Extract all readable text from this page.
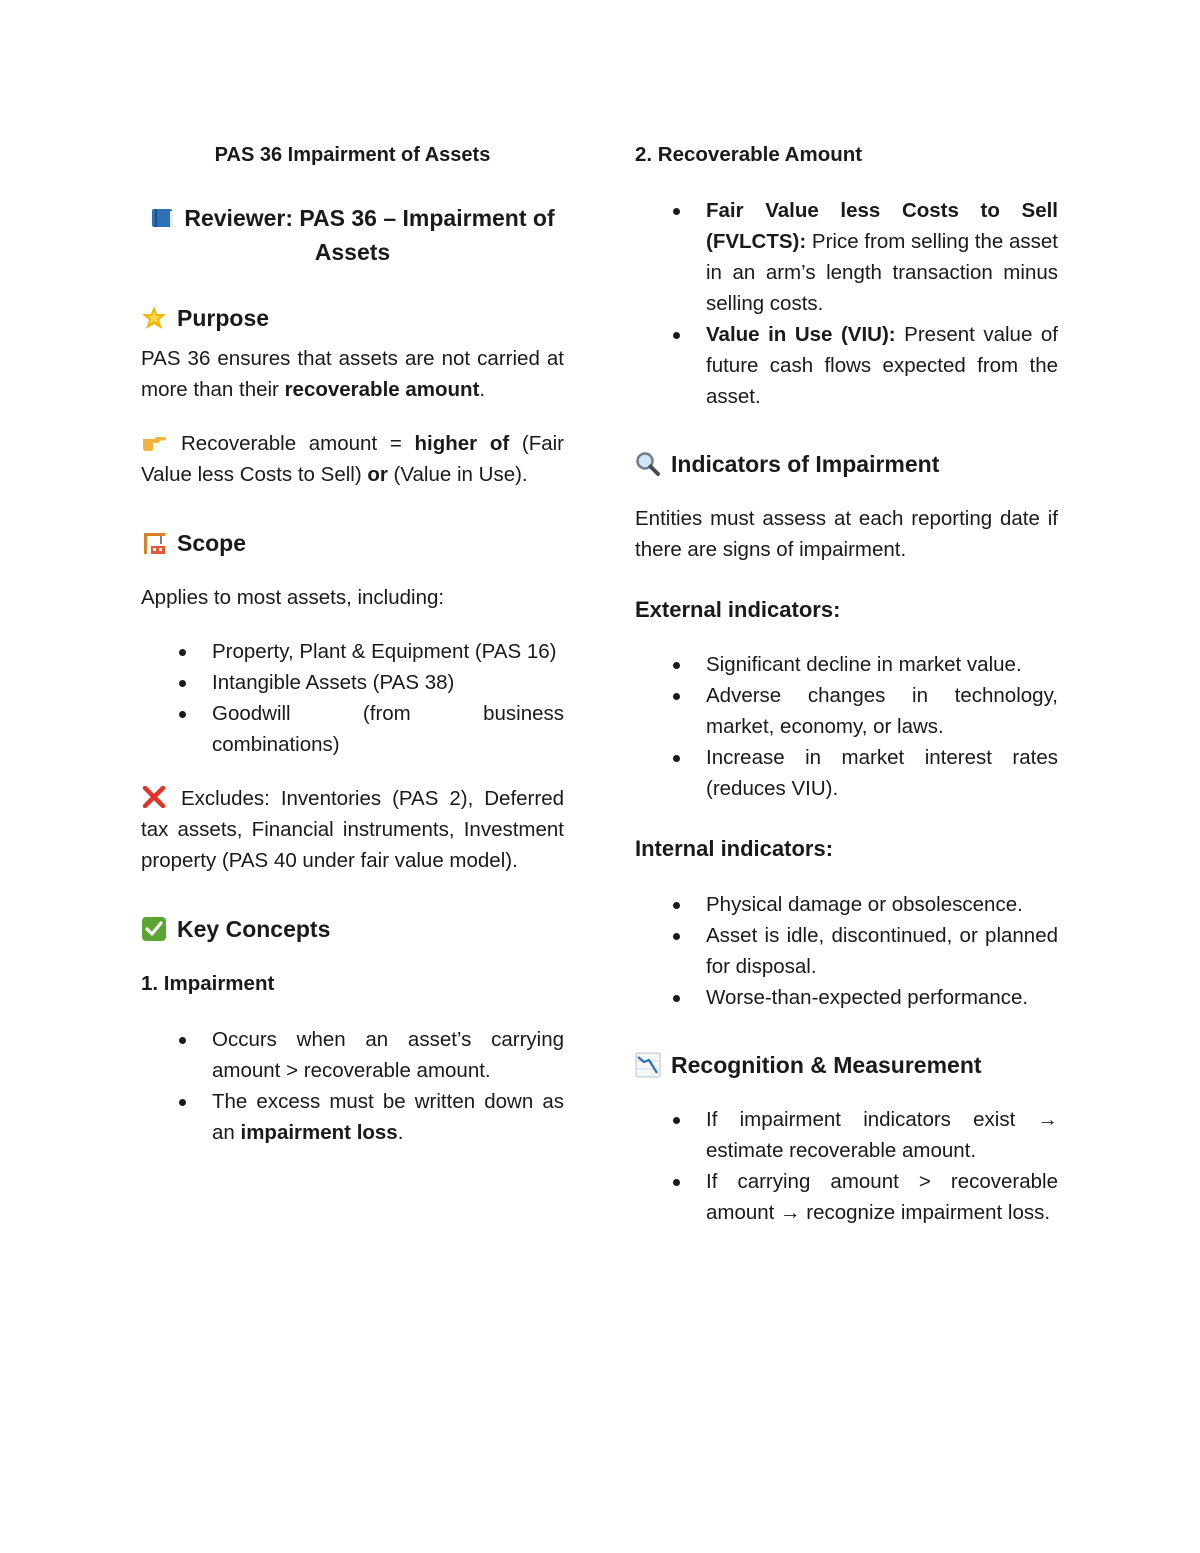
PAS 36 Impairment of Assets

Reviewer: PAS 36 – Impairment of Assets

Purpose

PAS 36 ensures that assets are not carried at more than their recoverable amount.

Recoverable amount = higher of (Fair Value less Costs to Sell) or (Value in Use).

Scope

Applies to most assets, including:

Property, Plant & Equipment (PAS 16)
Intangible Assets (PAS 38)
Goodwill (from business combinations)

Excludes: Inventories (PAS 2), Deferred tax assets, Financial instruments, Investment property (PAS 40 under fair value model).

Key Concepts

1. Impairment

Occurs when an asset’s carrying amount > recoverable amount.
The excess must be written down as an impairment loss.

2. Recoverable Amount

Fair Value less Costs to Sell (FVLCTS): Price from selling the asset in an arm’s length transaction minus selling costs.
Value in Use (VIU): Present value of future cash flows expected from the asset.
Indicators of Impairment

Entities must assess at each reporting date if there are signs of impairment.

External indicators:

Significant decline in market value.
Adverse changes in technology, market, economy, or laws.
Increase in market interest rates (reduces VIU).

Internal indicators:

Physical damage or obsolescence.
Asset is idle, discontinued, or planned for disposal.
Worse-than-expected performance.
Recognition & Measurement
If impairment indicators exist → estimate recoverable amount.
If carrying amount > recoverable amount → recognize impairment loss.
